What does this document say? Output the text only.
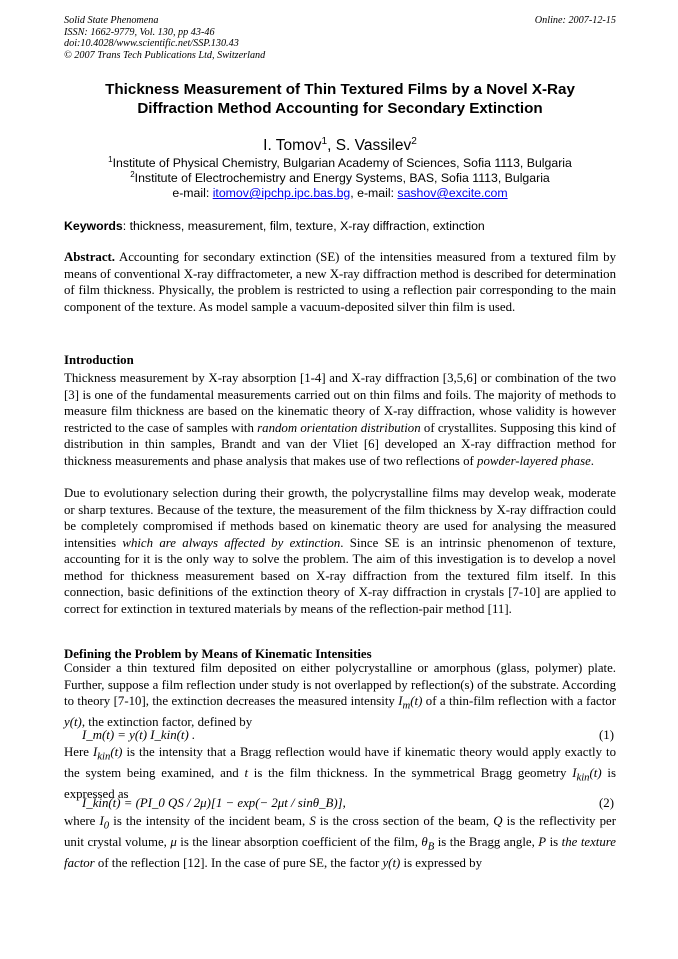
Solid State Phenomena
ISSN: 1662-9779, Vol. 130, pp 43-46
doi:10.4028/www.scientific.net/SSP.130.43
© 2007 Trans Tech Publications Ltd, Switzerland
Online: 2007-12-15
Thickness Measurement of Thin Textured Films by a Novel X-Ray
Diffraction Method Accounting for Secondary Extinction
I. Tomov$^1$, S. Vassilev$^2$
$^1$Institute of Physical Chemistry, Bulgarian Academy of Sciences, Sofia 1113, Bulgaria
$^2$Institute of Electrochemistry and Energy Systems, BAS, Sofia 1113, Bulgaria
e-mail: itomov@ipchp.ipc.bas.bg, e-mail: sashov@excite.com
Keywords: thickness, measurement, film, texture, X-ray diffraction, extinction
Abstract. Accounting for secondary extinction (SE) of the intensities measured from a textured film by means of conventional X-ray diffractometer, a new X-ray diffraction method is described for determination of film thickness. Physically, the problem is restricted to using a reflection pair corresponding to the main component of the texture. As model sample a vacuum-deposited silver thin film is used.
Introduction
Thickness measurement by X-ray absorption [1-4] and X-ray diffraction [3,5,6] or combination of the two [3] is one of the fundamental measurements carried out on thin films and foils. The majority of methods to measure film thickness are based on the kinematic theory of X-ray diffraction, whose validity is however restricted to the case of samples with random orientation distribution of crystallites. Supposing this kind of distribution in thin samples, Brandt and van der Vliet [6] developed an X-ray diffraction method for thickness measurements and phase analysis that makes use of two reflections of powder-layered phase.
Due to evolutionary selection during their growth, the polycrystalline films may develop weak, moderate or sharp textures. Because of the texture, the measurement of the film thickness by X-ray diffraction could be completely compromised if methods based on kinematic theory are used for analysing the measured intensities which are always affected by extinction. Since SE is an intrinsic phenomenon of texture, accounting for it is the only way to solve the problem. The aim of this investigation is to develop a novel method for thickness measurement based on X-ray diffraction from the textured film itself. In this connection, basic definitions of the extinction theory of X-ray diffraction in crystals [7-10] are applied to correct for extinction in textured materials by means of the reflection-pair method [11].
Defining the Problem by Means of Kinematic Intensities
Consider a thin textured film deposited on either polycrystalline or amorphous (glass, polymer) plate. Further, suppose a film reflection under study is not overlapped by reflection(s) of the substrate. According to theory [7-10], the extinction decreases the measured intensity $I_m(t)$ of a thin-film reflection with a factor y(t), the extinction factor, defined by
I_m(t) = y(t) I_kin(t) .	(1)
Here $I_{kin}(t)$ is the intensity that a Bragg reflection would have if kinematic theory would apply exactly to the system being examined, and t is the film thickness. In the symmetrical Bragg geometry $I_{kin}(t)$ is expressed as
I_kin(t) = (PI_0 QS / 2μ)[1 − exp(− 2μt / sinθ_B)],	(2)
where $I_0$ is the intensity of the incident beam, S is the cross section of the beam, Q is the reflectivity per unit crystal volume, μ is the linear absorption coefficient of the film, $\theta_B$ is the Bragg angle, P is the texture factor of the reflection [12]. In the case of pure SE, the factor y(t) is expressed by
